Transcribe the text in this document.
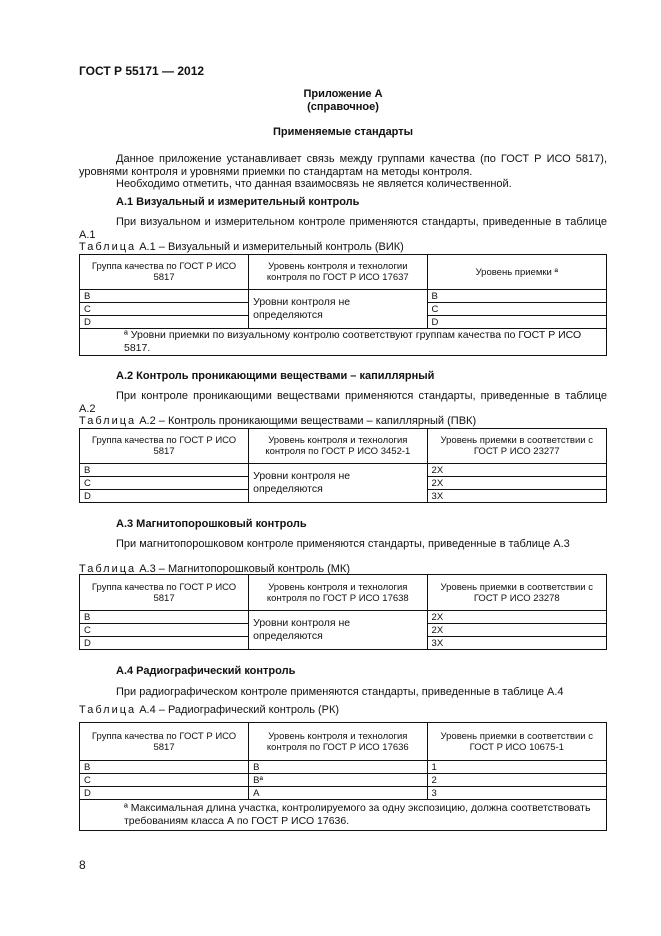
ГОСТ Р 55171 — 2012
Приложение А
(справочное)
Применяемые стандарты
Данное приложение устанавливает связь между группами качества (по ГОСТ Р ИСО 5817), уровнями контроля и уровнями приемки по стандартам на методы контроля.
Необходимо отметить, что данная взаимосвязь не является количественной.
А.1 Визуальный и измерительный контроль
При визуальном и измерительном контроле применяются стандарты, приведенные в таблице А.1
Таблица А.1 – Визуальный и измерительный контроль (ВИК)
Группа качества по ГОСТ Р ИСО 5817	Уровень контроля и технологии контроля по ГОСТ Р ИСО 17637	Уровень приемки ª
В	Уровни контроля не определяются	В
С		С
D		D

ª Уровни приемки по визуальному контролю соответствуют группам качества по ГОСТ Р ИСО 5817.		
А.2 Контроль проникающими веществами – капиллярный
При контроле проникающими веществами применяются стандарты, приведенные в таблице А.2
Таблица А.2 – Контроль проникающими веществами – капиллярный (ПВК)
Группа качества по ГОСТ Р ИСО 5817	Уровень контроля и технология контроля по ГОСТ Р ИСО 3452-1	Уровень приемки в соответствии с ГОСТ Р ИСО 23277
В	Уровни контроля не определяются	2Х
С		2Х
D		3Х
А.3 Магнитопорошковый контроль
При магнитопорошковом контроле применяются стандарты, приведенные в таблице А.3
Таблица А.3 – Магнитопорошковый контроль (МК)
Группа качества по ГОСТ Р ИСО 5817	Уровень контроля и технология контроля по ГОСТ Р ИСО 17638	Уровень приемки в соответствии с ГОСТ Р ИСО 23278
В	Уровни контроля не определяются	2Х
С		2Х
D		3Х
А.4 Радиографический контроль
При радиографическом контроле применяются стандарты, приведенные в таблице А.4
Таблица А.4 – Радиографический контроль (РК)
Группа качества по ГОСТ Р ИСО 5817	Уровень контроля и технология контроля по ГОСТ Р ИСО 17636	Уровень приемки в соответствии с ГОСТ Р ИСО 10675-1
В	В	1
С	Вª	2
D	А	3

ª Максимальная длина участка, контролируемого за одну экспозицию, должна соответствовать требованиям класса А по ГОСТ Р ИСО 17636.		
8
